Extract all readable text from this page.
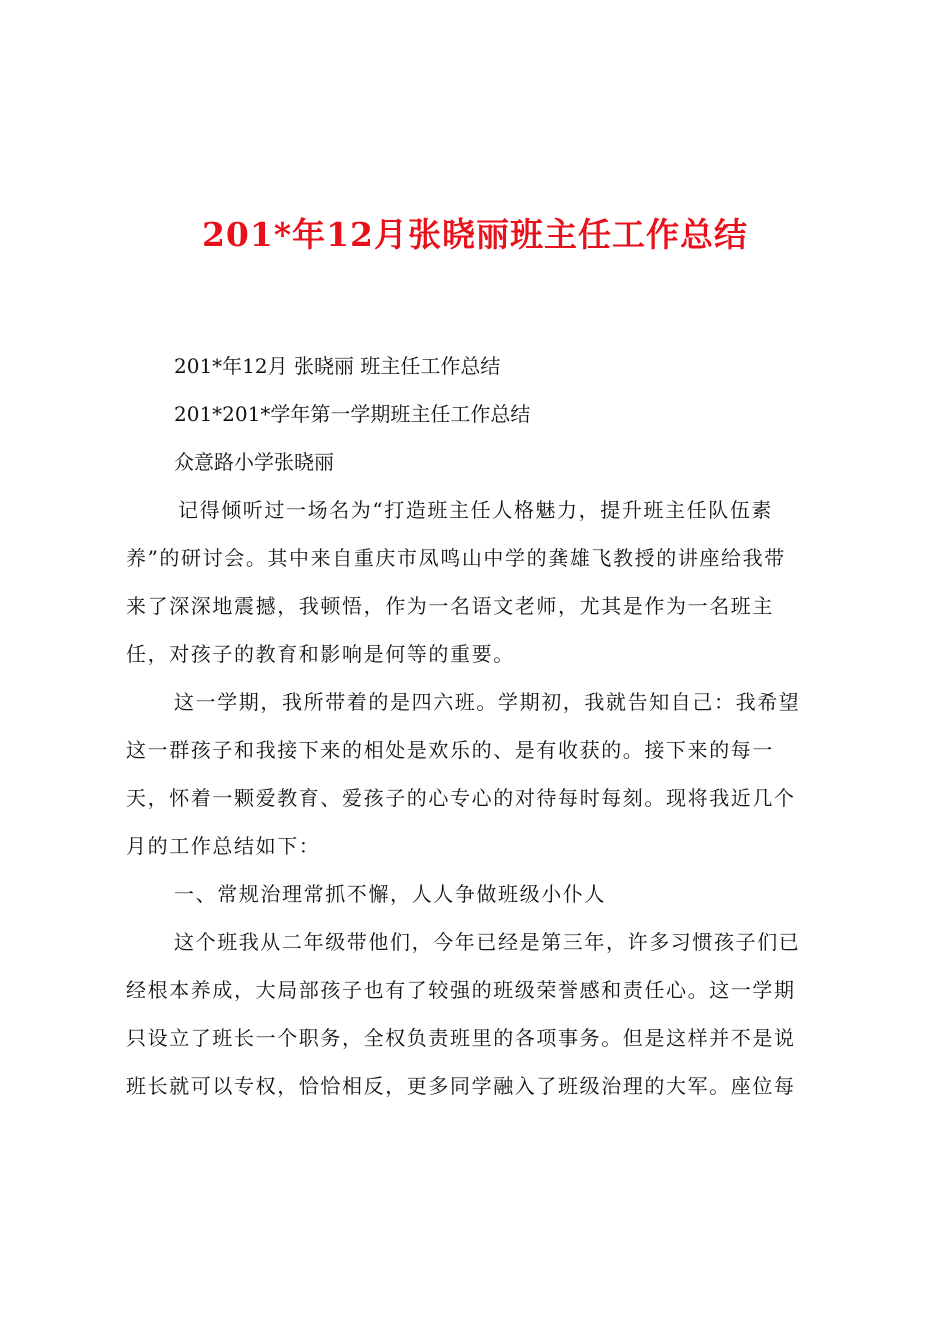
201*年12月张晓丽班主任工作总结
201*年12月 张晓丽 班主任工作总结
201*201*学年第一学期班主任工作总结
众意路小学张晓丽
记得倾听过一场名为“打造班主任人格魅力，提升班主任队伍素
养”的研讨会。其中来自重庆市凤鸣山中学的龚雄飞教授的讲座给我带
来了深深地震撼，我顿悟，作为一名语文老师，尤其是作为一名班主
任，对孩子的教育和影响是何等的重要。
这一学期，我所带着的是四六班。学期初，我就告知自己：我希望
这一群孩子和我接下来的相处是欢乐的、是有收获的。接下来的每一
天，怀着一颗爱教育、爱孩子的心专心的对待每时每刻。现将我近几个
月的工作总结如下：
一、常规治理常抓不懈，人人争做班级小仆人
这个班我从二年级带他们，今年已经是第三年，许多习惯孩子们已
经根本养成，大局部孩子也有了较强的班级荣誉感和责任心。这一学期
只设立了班长一个职务，全权负责班里的各项事务。但是这样并不是说
班长就可以专权，恰恰相反，更多同学融入了班级治理的大军。座位每
